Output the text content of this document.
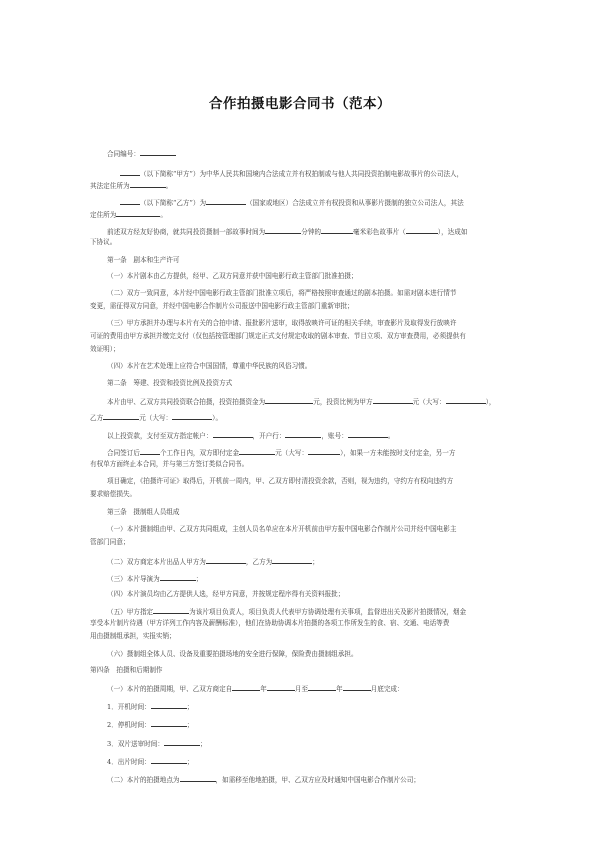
合作拍摄电影合同书（范本）
合同编号：
（以下简称“甲方”）为中华人民共和国境内合法成立并有权拍制或与他人共同投资拍制电影故事片的公司法人，
其法定住所为	。
（以下简称“乙方”）为	（国家或地区）合法成立并有权投资和从事影片摄制的独立公司法人，其法
定住所为	。
前述双方经友好协商，就共同投资摄制一部故事时间为	分钟的	毫米彩色故事片（	），达成如
下协议。
第一条　剧本和生产许可
（一）本片剧本由乙方提供，经甲、乙双方同意并获中国电影行政主管部门批准拍摄；
（二）双方一致同意，本片经中国电影行政主管部门批准立项后，将严格按照审查通过的剧本拍摄。如需对剧本进行情节
变更，需征得双方同意，并经中国电影合作制片公司报送中国电影行政主管部门重新审批；
（三）甲方承担并办理与本片有关的合拍申请、报批影片送审，取得放映许可证的相关手续，审查影片及取得发行放映许
可证的费用由甲方承担并缴完支付（仅包括按管理部门规定正式支付规定收取的剧本审查、节目立项、双方审查费用，必须提供有
效证明）；
（四）本片在艺术处理上应符合中国国情，尊重中华民族的风俗习惯。
第二条　筹建、投资和投资比例及投资方式
本片由甲、乙双方共同投资联合拍摄，投资拍摄资金为	元，投资比例为甲方	元（大写：	），
乙方	元（大写：	）。
以上投资款，支付至双方指定帐户：	，开户行：	，账号：	。
合同签订后	个工作日内，双方即付定金	元（大写：	），如果一方未能按时支付定金，另一方
有权单方面终止本合同，并与第三方签订类似合同书。
项目确定，《拍摄许可证》取得后，开机前一周内，甲、乙双方即付清投资余款，否则，视为违约，守约方有权向违约方
要求赔偿损失。
第三条　摄制组人员组成
（一）本片摄制组由甲、乙双方共同组成，主创人员名单应在本片开机前由甲方报中国电影合作制片公司并经中国电影主
管部门同意；
（二）双方商定本片出品人甲方为	，乙方为	；
（三）本片导演为	；
（四）本片演员均由乙方提供人选，经甲方同意，并按规定程序得有关资料报批；
（五）甲方指定	为该片项目负责人，项目负责人代表甲方协调处理有关事项，监督进出关及影片拍摄情况，烟金
享受本片制片待遇（甲方详列工作内容及薪酬标准），他们在协助协调本片拍摄的各项工作所发生的食、宿、交通、电话等费
用由摄制组承担，实报实销；
（六）摄制组全体人员、设备及重要拍摄场地的安全进行保障，保险费由摄制组承担。
第四条　拍摄和后期制作
（一）本片的拍摄周期，甲、乙双方商定自	年	月至	年	月底完成：
1．开机时间：	；
2．停机时间：	；
3．双片送审时间：	；
4．出片时间：	；
（二）本片的拍摄地点为	，如需移至他地拍摄，甲、乙双方应及时通知中国电影合作制片公司；
